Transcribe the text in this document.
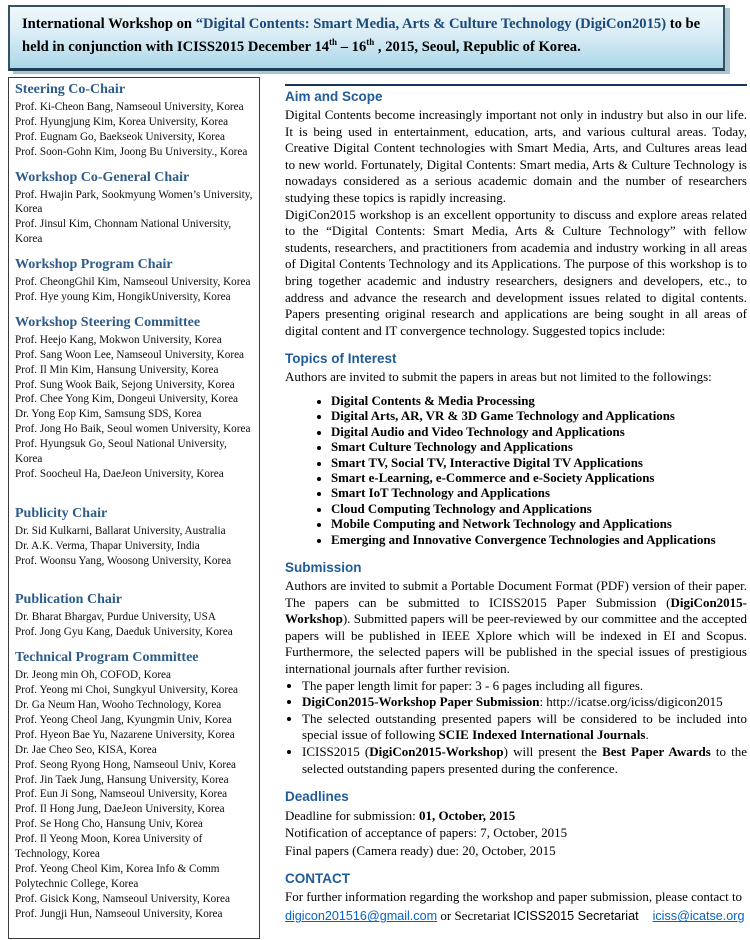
International Workshop on “Digital Contents: Smart Media, Arts & Culture Technology (DigiCon2015) to be held in conjunction with ICISS2015 December 14th – 16th , 2015, Seoul, Republic of Korea.
Steering Co-Chair

Prof. Ki-Cheon Bang, Namseoul University, Korea

Prof. Hyungjung Kim, Korea University, Korea

Prof. Eugnam Go, Baekseok University, Korea

Prof. Soon-Gohn Kim, Joong Bu University., Korea

Workshop Co-General Chair

Prof. Hwajin Park, Sookmyung Women’s University, Korea

Prof. Jinsul Kim, Chonnam National University, Korea

Workshop Program Chair

Prof. CheongGhil Kim, Namseoul University, Korea

Prof. Hye young Kim, HongikUniversity, Korea

Workshop Steering Committee

Prof. Heejo Kang, Mokwon University, Korea

Prof. Sang Woon Lee, Namseoul University, Korea

Prof. Il Min Kim, Hansung University, Korea

Prof. Sung Wook Baik, Sejong University, Korea

Prof. Chee Yong Kim, Dongeui University, Korea

Dr. Yong Eop Kim, Samsung SDS, Korea

Prof. Jong Ho Baik, Seoul women University, Korea

Prof. Hyungsuk Go, Seoul National University, Korea

Prof. Soocheul Ha, DaeJeon University, Korea

Publicity Chair

Dr. Sid Kulkarni, Ballarat University, Australia

Dr. A.K. Verma, Thapar University, India

Prof. Woonsu Yang, Woosong University, Korea

Publication Chair

Dr. Bharat Bhargav, Purdue University, USA

Prof. Jong Gyu Kang, Daeduk University, Korea

Technical Program Committee

Dr. Jeong min Oh, COFOD, Korea

Prof. Yeong mi Choi, Sungkyul University, Korea

Dr. Ga Neum Han, Wooho Technology, Korea

Prof. Yeong Cheol Jang, Kyungmin Univ, Korea

Prof. Hyeon Bae Yu, Nazarene University, Korea

Dr. Jae Cheo Seo, KISA, Korea

Prof. Seong Ryong Hong, Namseoul Univ, Korea

Prof. Jin Taek Jung, Hansung University, Korea

Prof. Eun Ji Song, Namseoul University, Korea

Prof. Il Hong Jung, DaeJeon University, Korea

Prof. Se Hong Cho, Hansung Univ, Korea

Prof. Il Yeong Moon, Korea University of Technology, Korea

Prof. Yeong Cheol Kim, Korea Info & Comm Polytechnic College, Korea

Prof. Gisick Kong, Namseoul University, Korea

Prof. Jungji Hun, Namseoul University, Korea

Aim and Scope

Digital Contents become increasingly important not only in industry but also in our life. It is being used in entertainment, education, arts, and various cultural areas. Today, Creative Digital Content technologies with Smart Media, Arts, and Cultures areas lead to new world. Fortunately, Digital Contents: Smart media, Arts & Culture Technology is nowadays considered as a serious academic domain and the number of researchers studying these topics is rapidly increasing.

DigiCon2015 workshop is an excellent opportunity to discuss and explore areas related to the “Digital Contents: Smart Media, Arts & Culture Technology” with fellow students, researchers, and practitioners from academia and industry working in all areas of Digital Contents Technology and its Applications. The purpose of this workshop is to bring together academic and industry researchers, designers and developers, etc., to address and advance the research and development issues related to digital contents. Papers presenting original research and applications are being sought in all areas of digital content and IT convergence technology. Suggested topics include:

Topics of Interest

Authors are invited to submit the papers in areas but not limited to the followings:

• Digital Contents & Media Processing
• Digital Arts, AR, VR & 3D Game Technology and Applications
• Digital Audio and Video Technology and Applications
• Smart Culture Technology and Applications
• Smart TV, Social TV, Interactive Digital TV Applications
• Smart e-Learning, e-Commerce and e-Society Applications
• Smart IoT Technology and Applications
• Cloud Computing Technology and Applications
• Mobile Computing and Network Technology and Applications
• Emerging and Innovative Convergence Technologies and Applications
Submission

Authors are invited to submit a Portable Document Format (PDF) version of their paper. The papers can be submitted to ICISS2015 Paper Submission (DigiCon2015-Workshop). Submitted papers will be peer-reviewed by our committee and the accepted papers will be published in IEEE Xplore which will be indexed in EI and Scopus. Furthermore, the selected papers will be published in the special issues of prestigious international journals after further revision.

• The paper length limit for paper: 3 - 6 pages including all figures.
• DigiCon2015-Workshop Paper Submission: http://icatse.org/iciss/digicon2015
• The selected outstanding presented papers will be considered to be included into special issue of following SCIE Indexed International Journals.
• ICISS2015 (DigiCon2015-Workshop) will present the Best Paper Awards to the selected outstanding papers presented during the conference.
Deadlines

Deadline for submission: 01, October, 2015

Notification of acceptance of papers: 7, October, 2015

Final papers (Camera ready) due: 20, October, 2015

CONTACT

For further information regarding the workshop and paper submission, please contact to

digicon201516@gmail.com or Secretariat ICISS2015 Secretariat iciss@icatse.org
